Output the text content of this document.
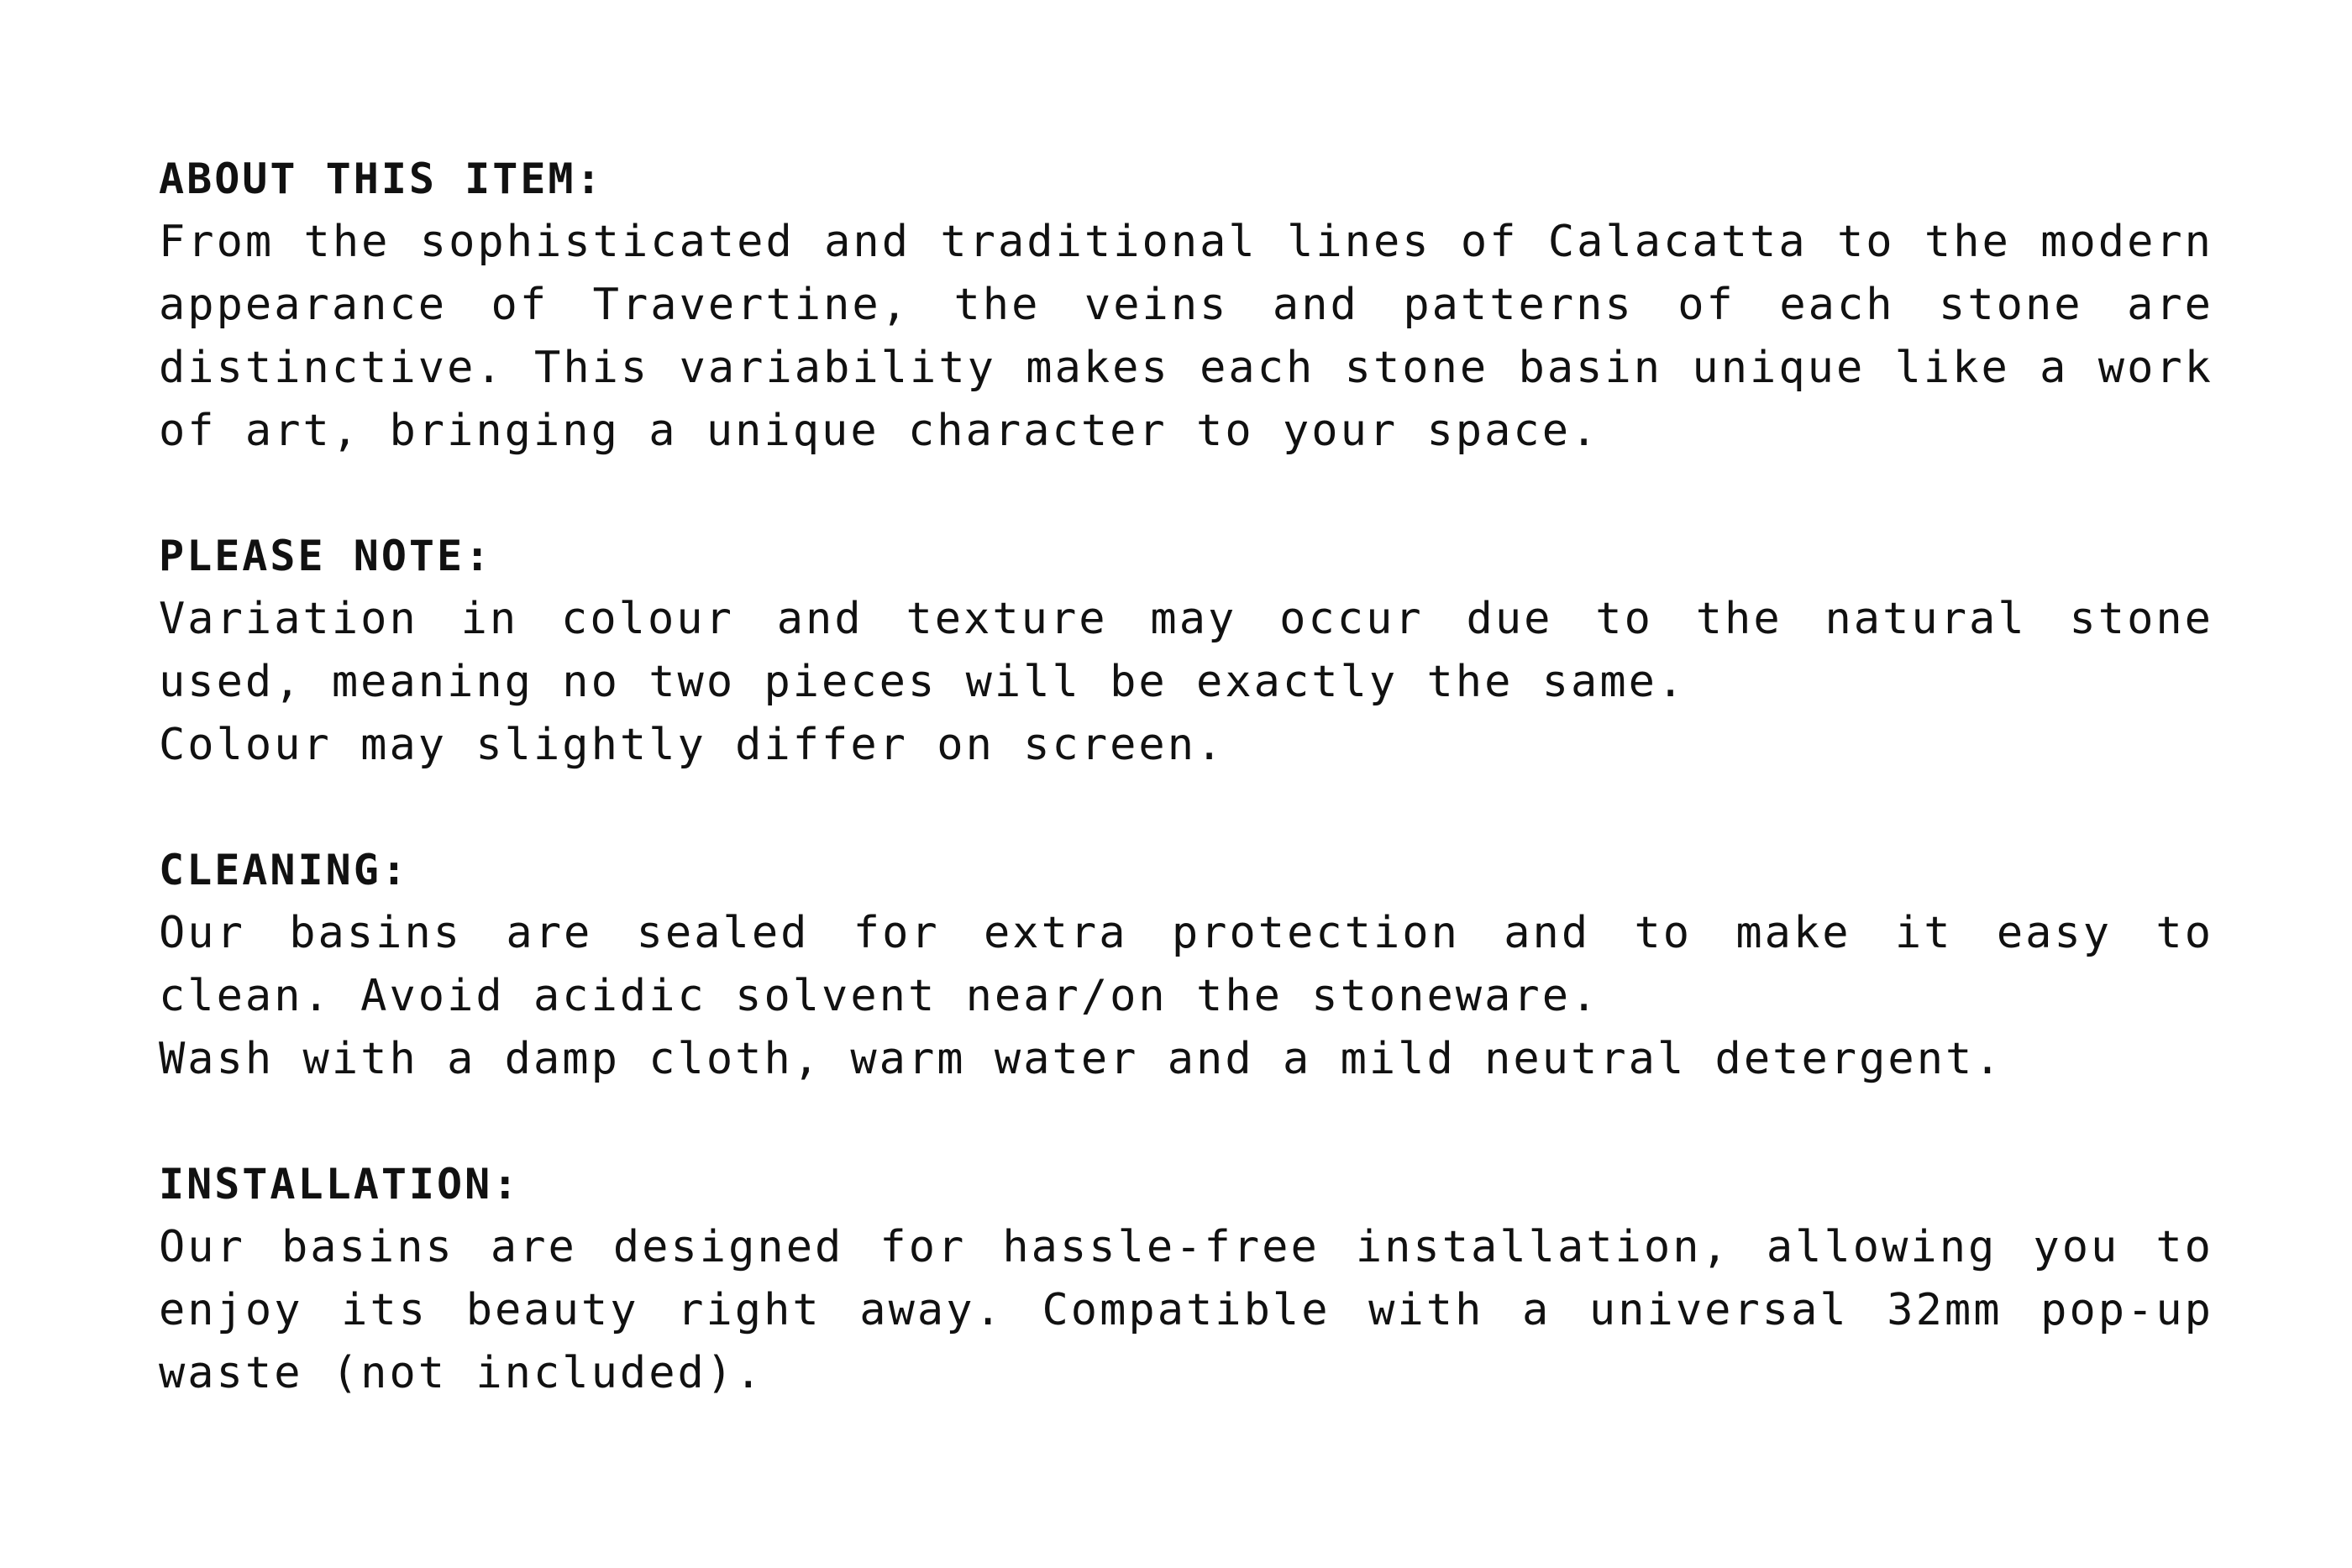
ABOUT THIS ITEM:

From the sophisticated and traditional lines of Calacatta to the modern appearance of Travertine, the veins and patterns of each stone are distinctive. This variability makes each stone basin unique like a work of art, bringing a unique character to your space.

PLEASE NOTE:

Variation in colour and texture may occur due to the natural stone used, meaning no two pieces will be exactly the same.

Colour may slightly differ on screen.

CLEANING:

Our basins are sealed for extra protection and to make it easy to clean. Avoid acidic solvent near/on the stoneware.

Wash with a damp cloth, warm water and a mild neutral detergent.

INSTALLATION:

Our basins are designed for hassle-free installation, allowing you to enjoy its beauty right away. Compatible with a universal 32mm pop-up waste (not included).
